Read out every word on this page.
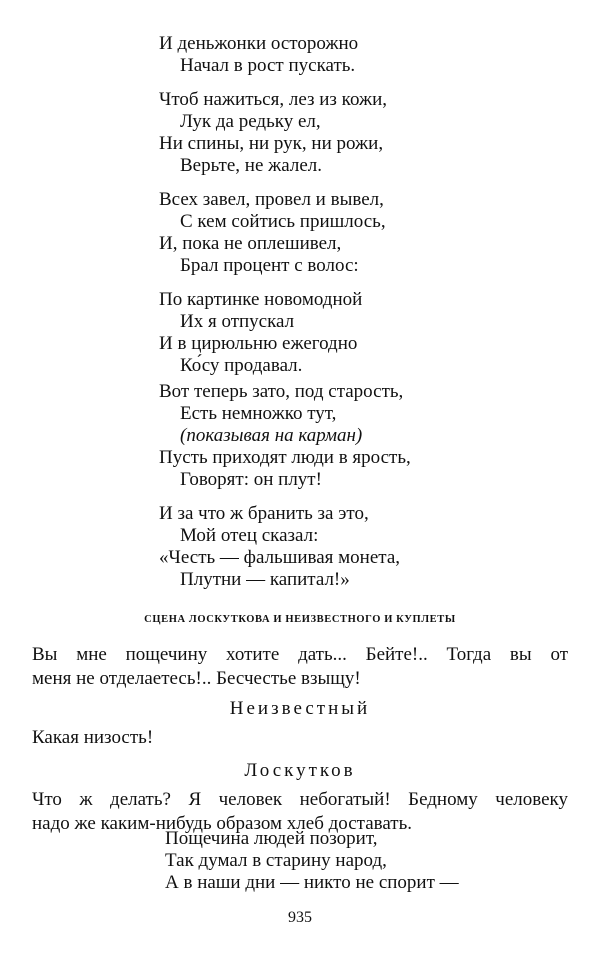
И деньжонки осторожно
Начал в рост пускать.
Чтоб нажиться, лез из кожи,
Лук да редьку ел,
Ни спины, ни рук, ни рожи,
Верьте, не жалел.
Всех завел, провел и вывел,
С кем сойтись пришлось,
И, пока не оплешивел,
Брал процент с волос:
По картинке новомодной
Их я отпускал
И в цирюльню ежегодно
Ко́су продавал.
Вот теперь зато, под старость,
Есть немножко тут,
(показывая на карман)
Пусть приходят люди в ярость,
Говорят: он плут!
И за что ж бранить за это,
Мой отец сказал:
«Честь — фальшивая монета,
Плутни — капитал!»
СЦЕНА ЛОСКУТКОВА И НЕИЗВЕСТНОГО И КУПЛЕТЫ
Вы мне пощечину хотите дать... Бейте!.. Тогда вы от
меня не отделаетесь!.. Бесчестье взыщу!
Неизвестный
Какая низость!
Лоскутков
Что ж делать? Я человек небогатый! Бедному человеку
надо же каким-нибудь образом хлеб доставать.
Пощечина людей позорит,
Так думал в старину народ,
А в наши дни — никто не спорит —
935
